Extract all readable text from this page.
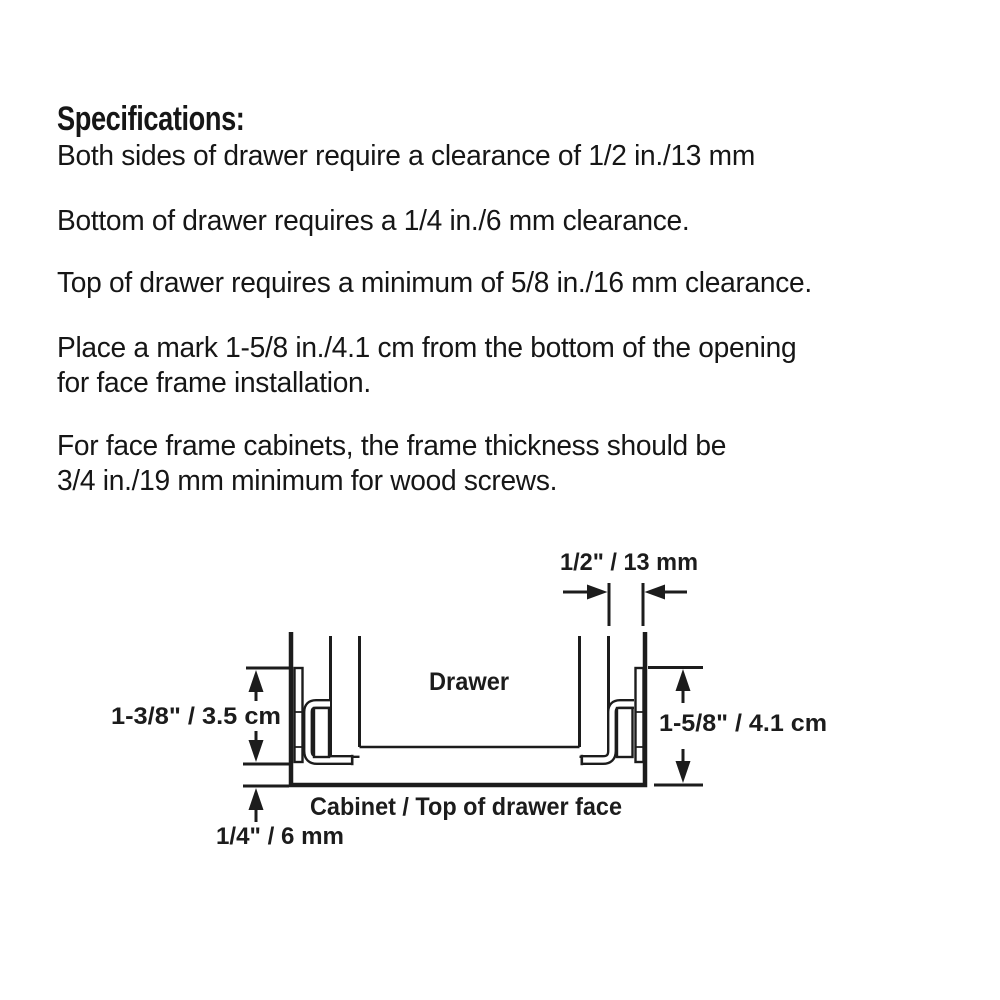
Specifications:
Both sides of drawer require a clearance of 1/2 in./13 mm
Bottom of drawer requires a 1/4 in./6 mm clearance.
Top of drawer requires a minimum of 5/8 in./16 mm clearance.
Place a mark 1-5/8 in./4.1 cm from the bottom of the opening
for face frame installation.
For face frame cabinets, the frame thickness should be
3/4 in./19 mm minimum for wood screws.
1/2" / 13 mm
1-3/8" / 3.5 cm	1-5/8" / 4.1 cm
1/4" / 6 mm
Drawer
Cabinet / Top of drawer face
